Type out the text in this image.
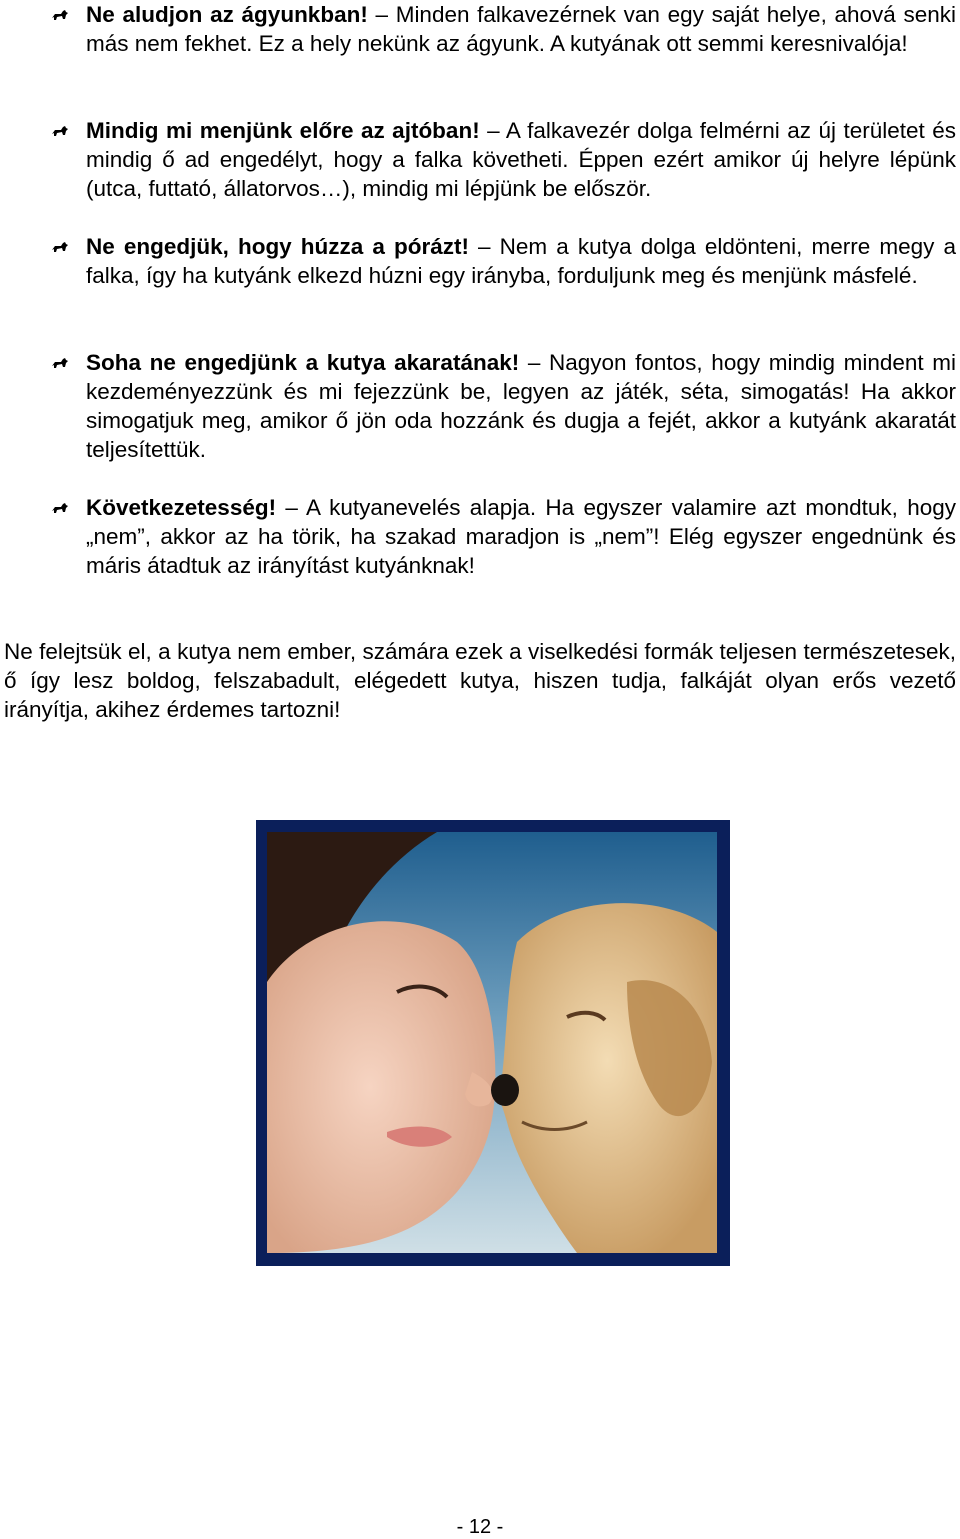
Ne aludjon az ágyunkban! – Minden falkavezérnek van egy saját helye, ahová senki más nem fekhet. Ez a hely nekünk az ágyunk. A kutyának ott semmi keresnivalója!
Mindig mi menjünk előre az ajtóban! – A falkavezér dolga felmérni az új területet és mindig ő ad engedélyt, hogy a falka követheti. Éppen ezért amikor új helyre lépünk (utca, futtató, állatorvos…), mindig mi lépjünk be először.
Ne engedjük, hogy húzza a pórázt! – Nem a kutya dolga eldönteni, merre megy a falka, így ha kutyánk elkezd húzni egy irányba, forduljunk meg és menjünk másfelé.
Soha ne engedjünk a kutya akaratának! – Nagyon fontos, hogy mindig mindent mi kezdeményezzünk és mi fejezzünk be, legyen az játék, séta, simogatás! Ha akkor simogatjuk meg, amikor ő jön oda hozzánk és dugja a fejét, akkor a kutyánk akaratát teljesítettük.
Következetesség! – A kutyanevelés alapja. Ha egyszer valamire azt mondtuk, hogy „nem”, akkor az ha törik, ha szakad maradjon is „nem”! Elég egyszer engednünk és máris átadtuk az irányítást kutyánknak!

Ne felejtsük el, a kutya nem ember, számára ezek a viselkedési formák teljesen természetesek, ő így lesz boldog, felszabadult, elégedett kutya, hiszen tudja, falkáját olyan erős vezető irányítja, akihez érdemes tartozni!

- 12 -
